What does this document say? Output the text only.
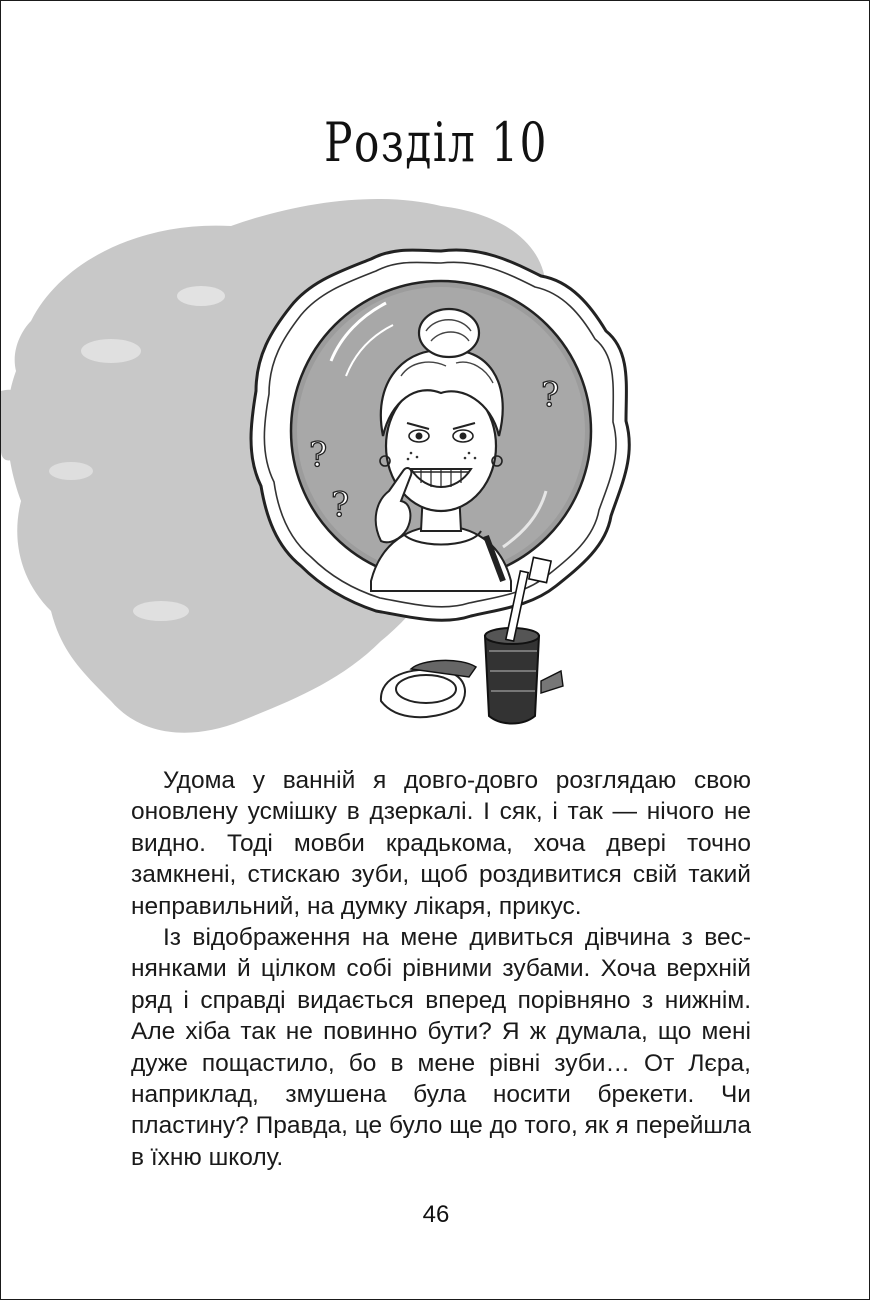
Розділ 10
?
?
?

Удома у ванній я довго-довго розглядаю свою оновлену усмішку в дзеркалі. І сяк, і так — нічого не видно. Тоді мовби крадькома, хоча двері точно замкнені, стискаю зуби, щоб роздивитися свій такий неправильний, на думку лікаря, прикус.

Із відображення на мене дивиться дівчина з веснянками й цілком собі рівними зубами. Хоча верхній ряд і справді видається вперед порівняно з нижнім. Але хіба так не повинно бути? Я ж думала, що мені дуже пощастило, бо в мене рівні зуби… От Лєра, наприклад, змушена була носити брекети. Чи пластину? Правда, це було ще до того, як я перейшла в їхню школу.

46
